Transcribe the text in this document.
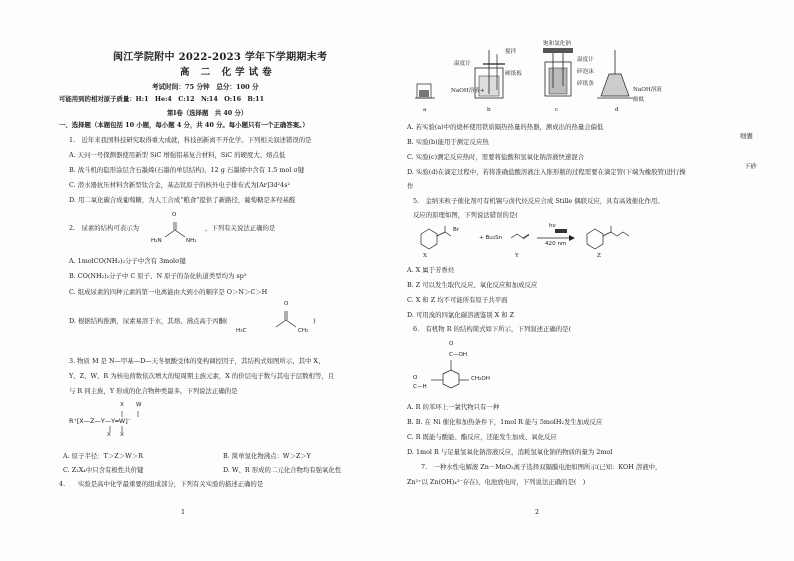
闽江学院附中 2022-2023 学年下学期期末考
高 二 化学试卷
考试时间：75 分钟　总分：100 分
可能用到的相对原子质量：H:1　He:4　C:12　N:14　O:16　B:11
第Ⅰ卷（选择题　共 40 分）
一、选择题（本题包括 10 小题，每小题 4 分，共 40 分。每小题只有一个正确答案。）
1.　近年来我国科技研究取得重大成就，科技创新离不开化学。下列相关叙述错误的是
A. 天问一号探测器使用新型 SiC 增强铝基复合材料，SiC 的硬度大、熔点低
B. 战斗机的隐形涂层含石墨烯(石墨的单层结构)，12 g 石墨烯中含有 1.5 mol σ键
C. 潜水器抗压材料含新型钛合金，基态钛原子的核外电子排布式为[Ar]3d²4s²
D. 用二氧化碳合成葡萄糖，为人工合成“粮食”提供了新路径，葡萄糖是多羟基醛
2.　尿素的结构可表示为
O
H₂N	NH₂
，下列有关说法正确的是
A. 1molCO(NH₂)₂分子中含有 3molσ键
B. CO(NH₂)₂分子中 C 原子、N 原子的杂化轨道类型均为 sp³
C. 组成尿素的四种元素的第一电离能由大到小的顺序是 O＞N＞C＞H
D. 根据结构推测，尿素易溶于水，其熔、沸点高于丙酮(
O
H₃C	CH₃
)
3. 物质 M 是 N—甲基—D—天冬氨酸受体的变构调控因子，其结构式如图所示，其中 X、
Y、Z、W、R 为核电荷数依次增大的短周期主族元素，X 的价层电子数与其电子层数相等，且
与 R 同主族，Y 形成的化合物种类最多。下列说法正确的是
X W
R⁺[X—Z—Y—Y═W]⁻
X X
A. 原子半径：T＞Z＞W＞R	B. 简单氢化物沸点：W＞Z＞Y
C. Z₂X₄中只含有极性共价键	D. W、R 形成的二元化合物均有强氧化性
4.　　实验是高中化学最重要的组成部分，下列有关实验的描述正确的是
1
温度计
搅拌
NaOH溶液+
硬纸板
饱和氯化钠
温度计
碎泡沫
碎纸条
NaOH溶液
酚酞
a	b	c	d
A. 若实验(a)中的烧杯使用铁质隔热热量的热器，测成出的热量会偏低
B. 实验(b)能用于测定反应热
C. 实验(c)测定反应热时，需要将盐酸和氢氧化钠溶液快速混合
D. 实验(d)在滴定过程中，若将准确盐酸溶液注入锥形瓶的过程需要在滴定管(下端为橡胶管)进行操
作
5.　金纳米粒子催化剂可有机锡与卤代烃反应合成 Stille 偶联反应，具有高效催化作用。
反应的原理如图，下列说法错误的是(
Br
+ Bu₃Sn
hν
420 nm
X	Y	Z
A. X 属于芳香烃
B. Z 可以发生取代反应、氧化反应和加成反应
C. X 和 Z 均不可能所有原子共平面
D. 可用溴的四氯化碳溶液鉴别 X 和 Z
6.　有机物 R 的结构简式如下所示，下列叙述正确的是(
O
C—OH
O
C—H
CH₂OH
A. R 的苯环上一氯代物只有一种
B. B. 在 Ni 催化和加热条件下，1mol R 能与 5molH₂发生加成反应
C. R 既能与酸能、酯反应，还能发生加成、氧化反应
D. 1mol R 与足量氢氧化钠溶液反应，消耗氢氧化钠的物质的量为 2mol
7.　一种水性电解液 Zn－MnO₂离子选择双隔膜电池如图所示(已知：KOH 溶液中，
Zn²⁺以 Zn(OH)₄²⁻存在)，电池放电时，下列说法正确的是(　)
2
细囊
下砂
